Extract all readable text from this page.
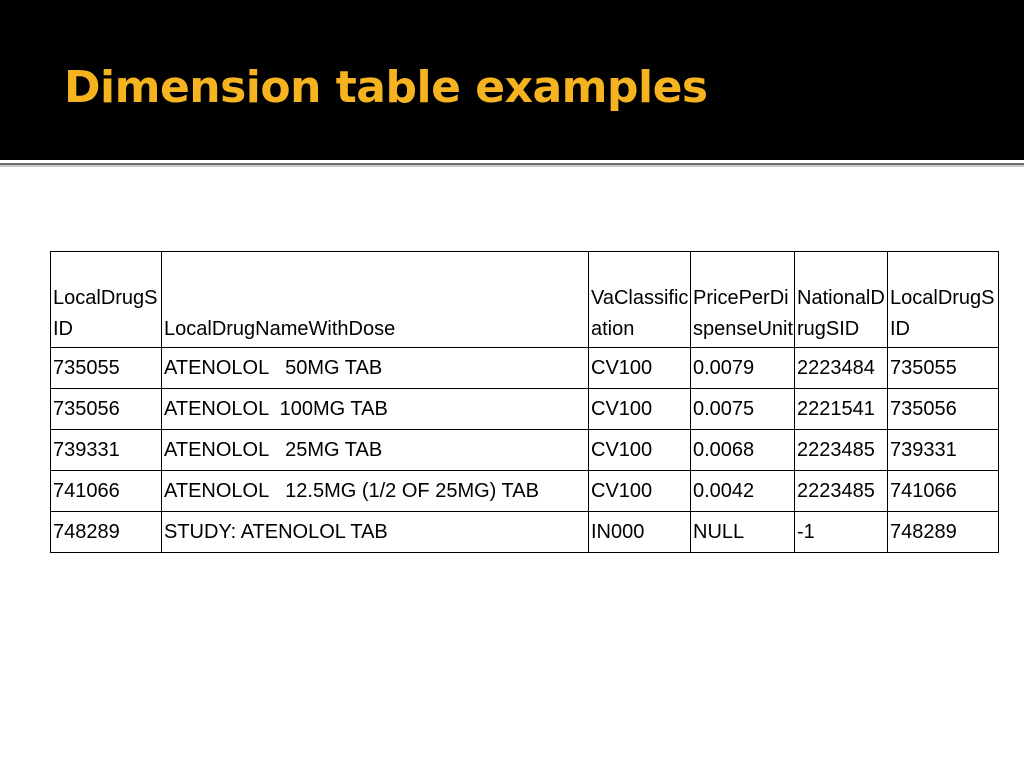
Dimension table examples
LocalDrugSID	LocalDrugNameWithDose	VaClassification	PricePerDispenseUnit	NationalDrugSID	LocalDrugSID
735055	ATENOLOL   50MG TAB	CV100	0.0079	2223484	735055
735056	ATENOLOL  100MG TAB	CV100	0.0075	2221541	735056
739331	ATENOLOL   25MG TAB	CV100	0.0068	2223485	739331
741066	ATENOLOL   12.5MG (1/2 OF 25MG) TAB	CV100	0.0042	2223485	741066
748289	STUDY: ATENOLOL TAB	IN000	NULL	-1	748289
